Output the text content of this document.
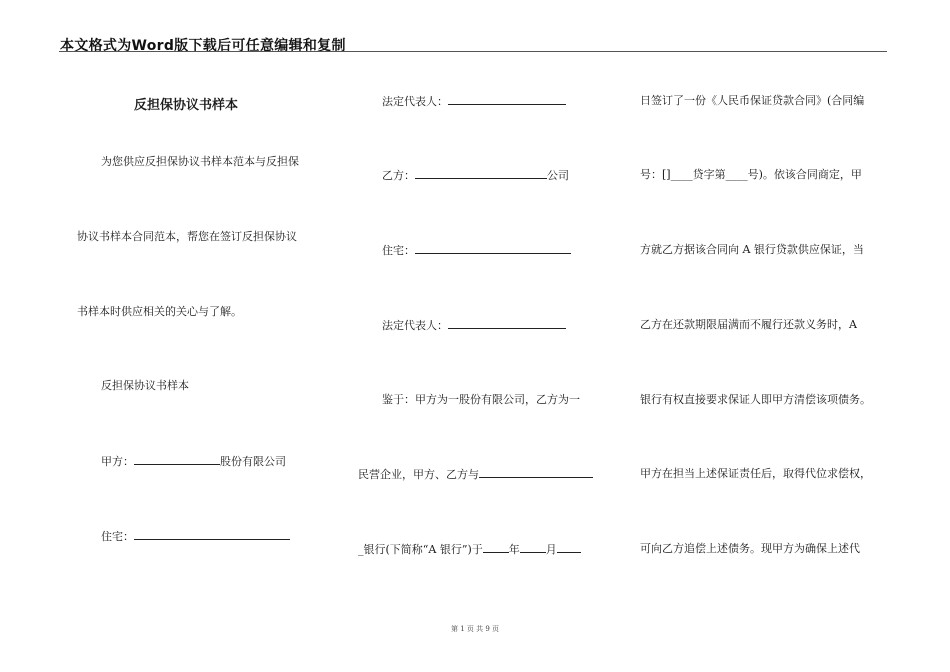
本文格式为Word版下载后可任意编辑和复制
反担保协议书样本
为您供应反担保协议书样本范本与反担保
协议书样本合同范本，帮您在签订反担保协议
书样本时供应相关的关心与了解。
反担保协议书样本
甲方：	股份有限公司
住宅：
法定代表人：
乙方：	公司
住宅：
法定代表人：
鉴于：甲方为一股份有限公司，乙方为一
民营企业，甲方、乙方与
_银行(下简称“A 银行”)于 年 月
日签订了一份《人民币保证贷款合同》(合同编
号：[]____贷字第____号)。依该合同商定，甲
方就乙方据该合同向 A 银行贷款供应保证，当
乙方在还款期限届满而不履行还款义务时，A
银行有权直接要求保证人即甲方清偿该项债务。
甲方在担当上述保证责任后，取得代位求偿权，
可向乙方追偿上述债务。现甲方为确保上述代
第 1 页 共 9 页
